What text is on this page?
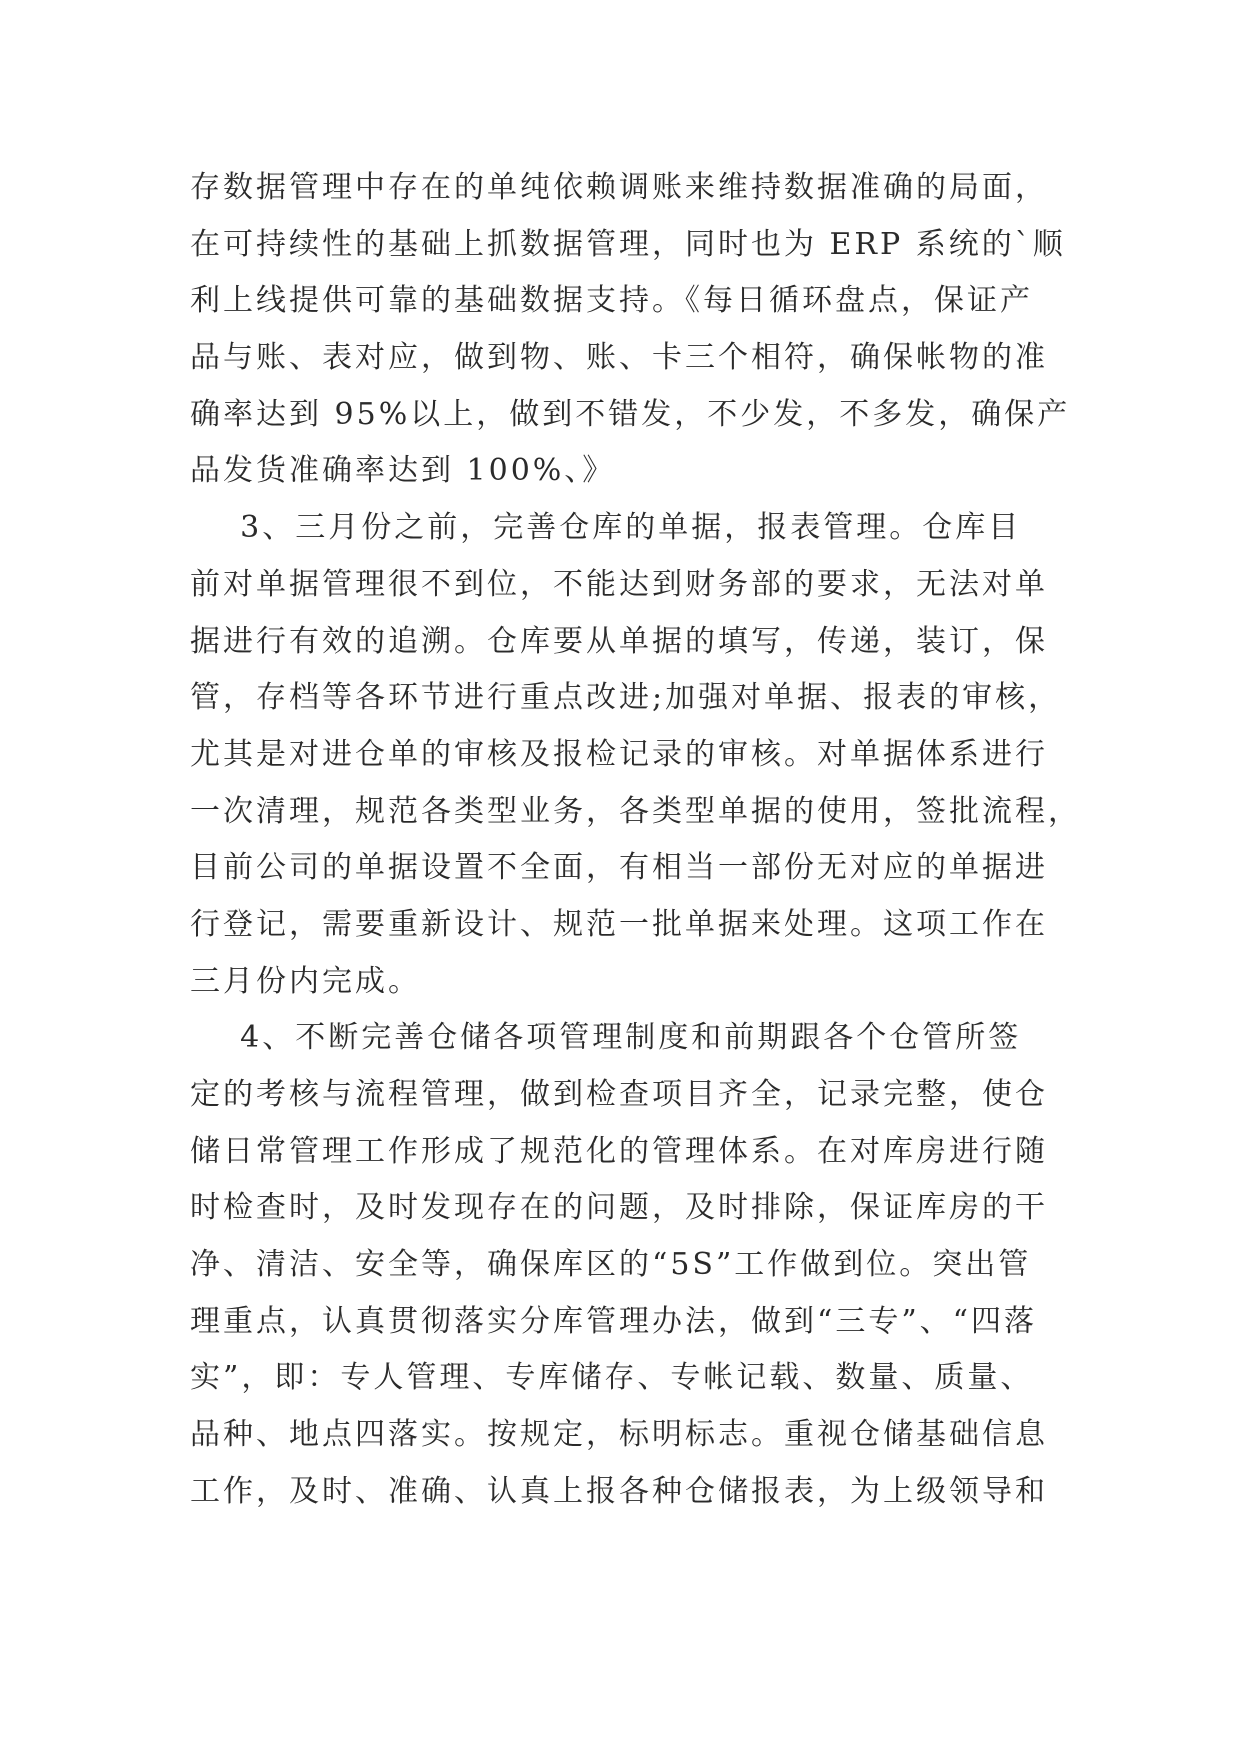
存数据管理中存在的单纯依赖调账来维持数据准确的局面，
在可持续性的基础上抓数据管理，同时也为 ERP 系统的`顺
利上线提供可靠的基础数据支持。《每日循环盘点，保证产
品与账、表对应，做到物、账、卡三个相符，确保帐物的准
确率达到 95%以上，做到不错发，不少发，不多发，确保产
品发货准确率达到 100%、》
3、三月份之前，完善仓库的单据，报表管理。仓库目
前对单据管理很不到位，不能达到财务部的要求，无法对单
据进行有效的追溯。仓库要从单据的填写，传递，装订，保
管，存档等各环节进行重点改进;加强对单据、报表的审核，
尤其是对进仓单的审核及报检记录的审核。对单据体系进行
一次清理，规范各类型业务，各类型单据的使用，签批流程，
目前公司的单据设置不全面，有相当一部份无对应的单据进
行登记，需要重新设计、规范一批单据来处理。这项工作在
三月份内完成。
4、不断完善仓储各项管理制度和前期跟各个仓管所签
定的考核与流程管理，做到检查项目齐全，记录完整，使仓
储日常管理工作形成了规范化的管理体系。在对库房进行随
时检查时，及时发现存在的问题，及时排除，保证库房的干
净、清洁、安全等，确保库区的“5S”工作做到位。突出管
理重点，认真贯彻落实分库管理办法，做到“三专”、“四落
实”，即：专人管理、专库储存、专帐记载、数量、质量、
品种、地点四落实。按规定，标明标志。重视仓储基础信息
工作，及时、准确、认真上报各种仓储报表，为上级领导和
